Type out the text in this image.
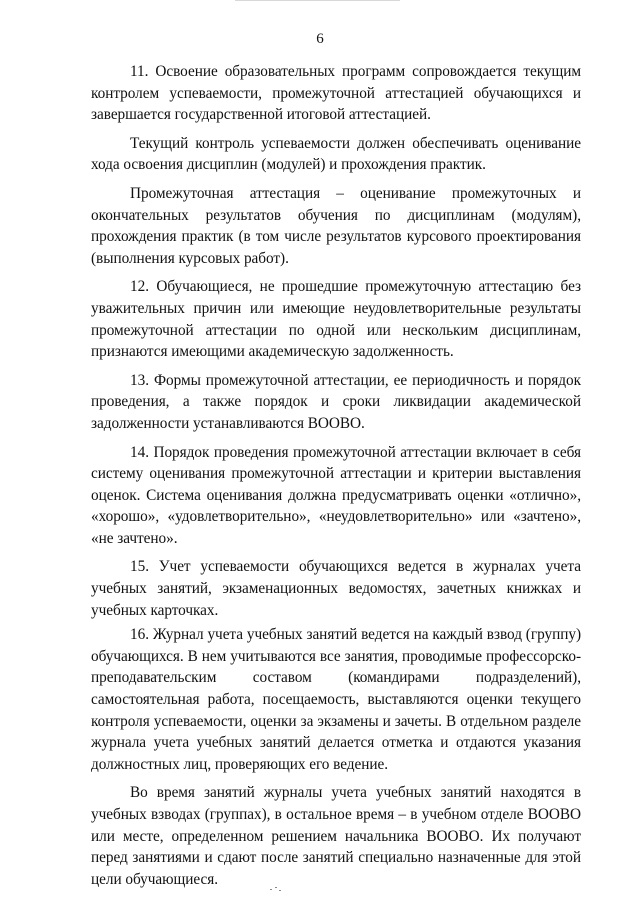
6

11. Освоение образовательных программ сопровождается текущим контролем успеваемости, промежуточной аттестацией обучающихся и завершается государственной итоговой аттестацией.

Текущий контроль успеваемости должен обеспечивать оценивание хода освоения дисциплин (модулей) и прохождения практик.

Промежуточная аттестация – оценивание промежуточных и окончательных результатов обучения по дисциплинам (модулям), прохождения практик (в том числе результатов курсового проектирования (выполнения курсовых работ).

12. Обучающиеся, не прошедшие промежуточную аттестацию без уважительных причин или имеющие неудовлетворительные результаты промежуточной аттестации по одной или нескольким дисциплинам, признаются имеющими академическую задолженность.

13. Формы промежуточной аттестации, ее периодичность и порядок проведения, а также порядок и сроки ликвидации академической задолженности устанавливаются ВООВО.

14. Порядок проведения промежуточной аттестации включает в себя систему оценивания промежуточной аттестации и критерии выставления оценок. Система оценивания должна предусматривать оценки «отлично», «хорошо», «удовлетворительно», «неудовлетворительно» или «зачтено», «не зачтено».

15. Учет успеваемости обучающихся ведется в журналах учета учебных занятий, экзаменационных ведомостях, зачетных книжках и учебных карточках.

16. Журнал учета учебных занятий ведется на каждый взвод (группу) обучающихся. В нем учитываются все занятия, проводимые профессорско-преподавательским составом (командирами подразделений), самостоятельная работа, посещаемость, выставляются оценки текущего контроля успеваемости, оценки за экзамены и зачеты. В отдельном разделе журнала учета учебных занятий делается отметка и отдаются указания должностных лиц, проверяющих его ведение.

Во время занятий журналы учета учебных занятий находятся в учебных взводах (группах), в остальное время – в учебном отделе ВООВО или месте, определенном решением начальника ВООВО. Их получают перед занятиями и сдают после занятий специально назначенные для этой цели обучающиеся.
